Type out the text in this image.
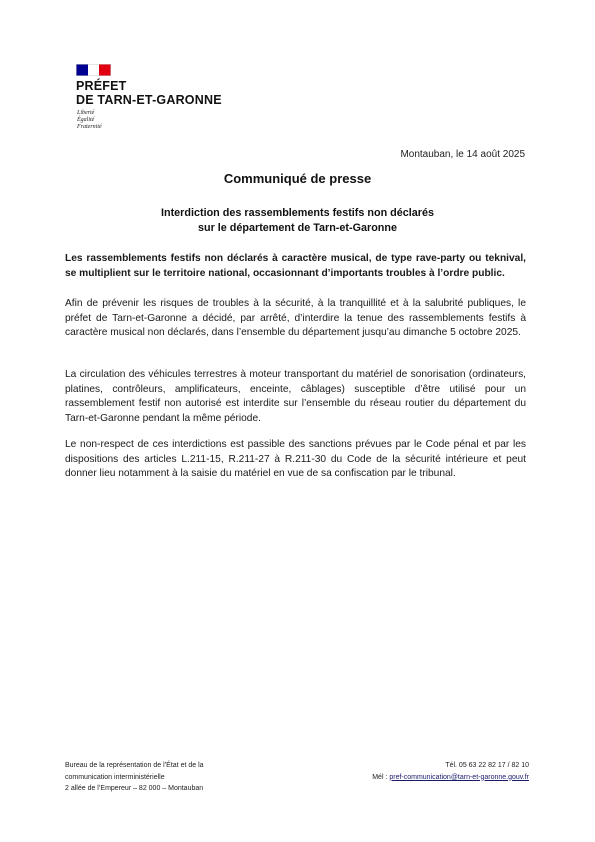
PRÉFET
DE TARN-ET-GARONNE
Liberté
Égalité
Fraternité
Montauban, le 14 août 2025
Communiqué de presse
Interdiction des rassemblements festifs non déclarés
sur le département de Tarn-et-Garonne
Les rassemblements festifs non déclarés à caractère musical, de type rave-party ou teknival, se multiplient sur le territoire national, occasionnant d’importants troubles à l’ordre public.
Afin de prévenir les risques de troubles à la sécurité, à la tranquillité et à la salubrité publiques, le préfet de Tarn-et-Garonne a décidé, par arrêté, d’interdire la tenue des rassemblements festifs à caractère musical non déclarés, dans l’ensemble du département jusqu’au dimanche 5 octobre 2025.
La circulation des véhicules terrestres à moteur transportant du matériel de sonorisation (ordinateurs, platines, contrôleurs, amplificateurs, enceinte, câblages) susceptible d’être utilisé pour un rassemblement festif non autorisé est interdite sur l’ensemble du réseau routier du département du Tarn-et-Garonne pendant la même période.
Le non-respect de ces interdictions est passible des sanctions prévues par le Code pénal et par les dispositions des articles L.211-15, R.211-27 à R.211-30 du Code de la sécurité intérieure et peut donner lieu notamment à la saisie du matériel en vue de sa confiscation par le tribunal.
Bureau de la représentation de l’État et de la
communication interministérielle
2 allée de l’Empereur – 82 000 – Montauban
Tél. 05 63 22 82 17 / 82 10
Mél : pref-communication@tarn-et-garonne.gouv.fr
